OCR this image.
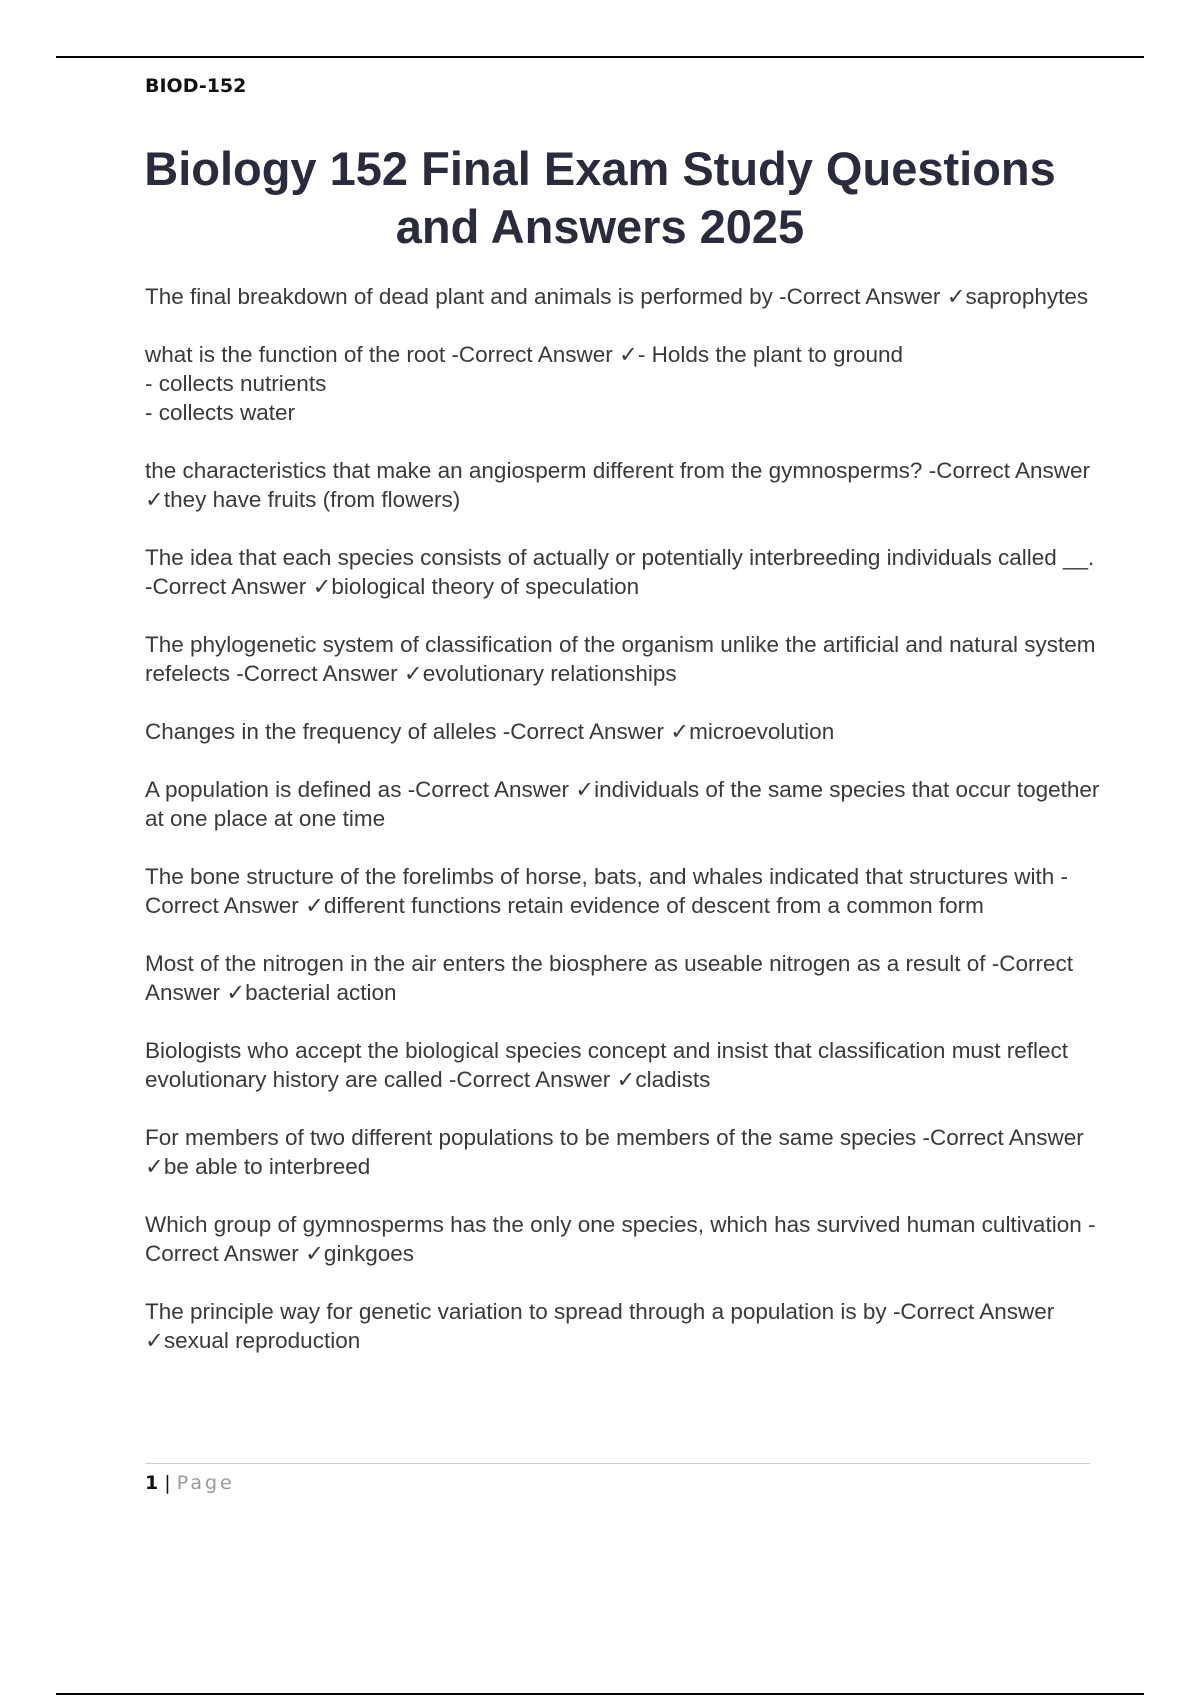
BIOD-152
Biology 152 Final Exam Study Questions and Answers 2025

The final breakdown of dead plant and animals is performed by -Correct Answer ✓saprophytes

what is the function of the root -Correct Answer ✓- Holds the plant to ground
- collects nutrients
- collects water

the characteristics that make an angiosperm different from the gymnosperms? -Correct Answer ✓they have fruits (from flowers)

The idea that each species consists of actually or potentially interbreeding individuals called __. -Correct Answer ✓biological theory of speculation

The phylogenetic system of classification of the organism unlike the artificial and natural system refelects -Correct Answer ✓evolutionary relationships

Changes in the frequency of alleles -Correct Answer ✓microevolution

A population is defined as -Correct Answer ✓individuals of the same species that occur together at one place at one time

The bone structure of the forelimbs of horse, bats, and whales indicated that structures with -Correct Answer ✓different functions retain evidence of descent from a common form

Most of the nitrogen in the air enters the biosphere as useable nitrogen as a result of -Correct Answer ✓bacterial action

Biologists who accept the biological species concept and insist that classification must reflect evolutionary history are called -Correct Answer ✓cladists

For members of two different populations to be members of the same species -Correct Answer ✓be able to interbreed

Which group of gymnosperms has the only one species, which has survived human cultivation -Correct Answer ✓ginkgoes

The principle way for genetic variation to spread through a population is by -Correct Answer ✓sexual reproduction

1 | Page
